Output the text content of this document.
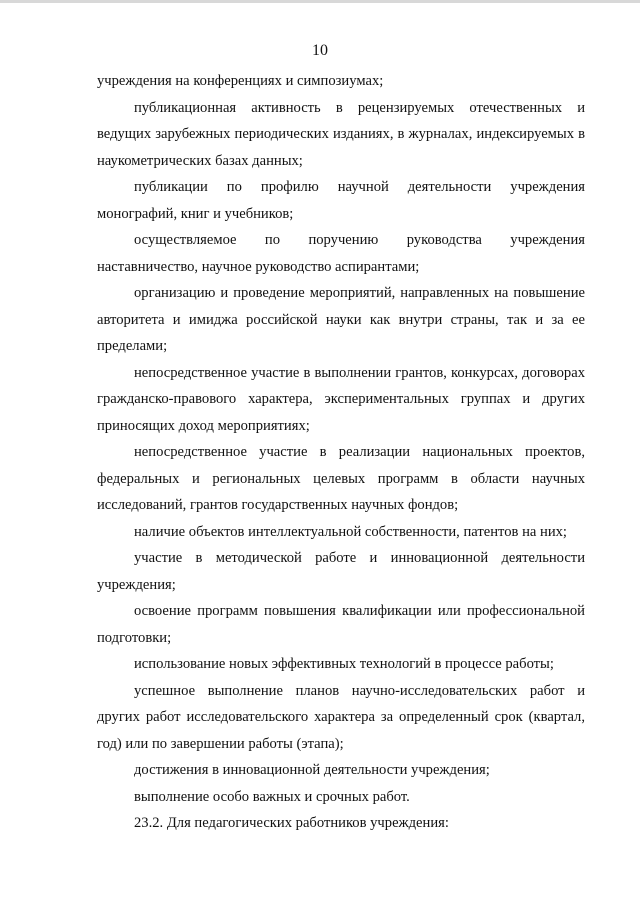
10

учреждения на конференциях и симпозиумах;

публикационная активность в рецензируемых отечественных и ведущих зарубежных периодических изданиях, в журналах, индексируемых в наукометрических базах данных;

публикации по профилю научной деятельности учреждения монографий, книг и учебников;

осуществляемое по поручению руководства учреждения наставничество, научное руководство аспирантами;

организацию и проведение мероприятий, направленных на повышение авторитета и имиджа российской науки как внутри страны, так и за ее пределами;

непосредственное участие в выполнении грантов, конкурсах, договорах гражданско-правового характера, экспериментальных группах и других приносящих доход мероприятиях;

непосредственное участие в реализации национальных проектов, федеральных и региональных целевых программ в области научных исследований, грантов государственных научных фондов;

наличие объектов интеллектуальной собственности, патентов на них;

участие в методической работе и инновационной деятельности учреждения;

освоение программ повышения квалификации или профессиональной подготовки;

использование новых эффективных технологий в процессе работы;

успешное выполнение планов научно-исследовательских работ и других работ исследовательского характера за определенный срок (квартал, год) или по завершении работы (этапа);

достижения в инновационной деятельности учреждения;

выполнение особо важных и срочных работ.

23.2. Для педагогических работников учреждения:
